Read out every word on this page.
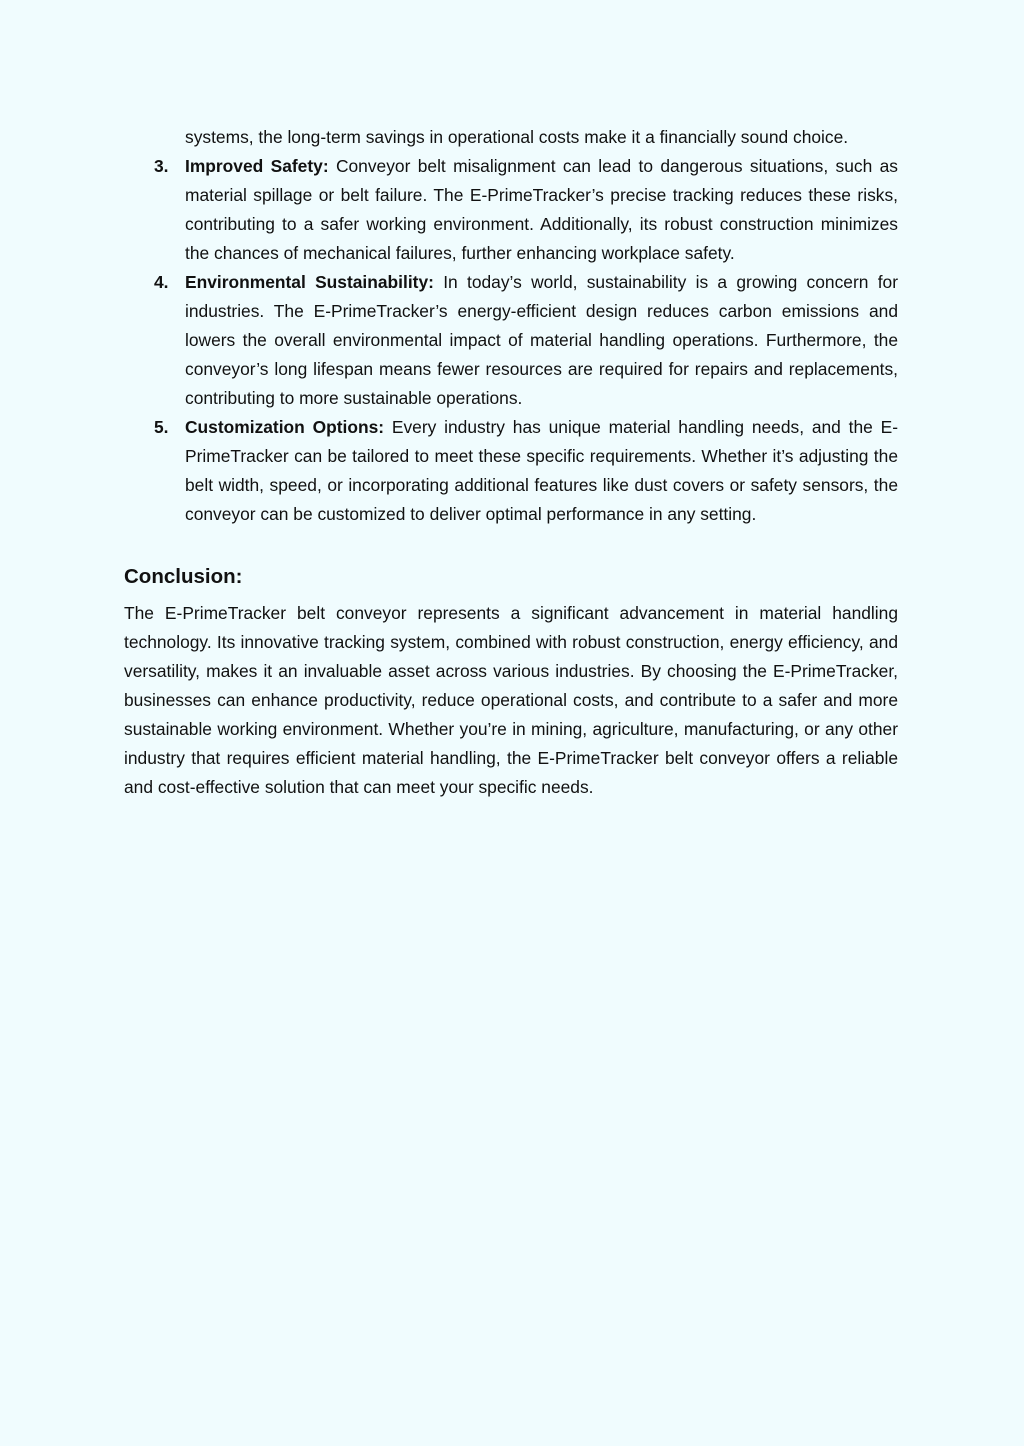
systems, the long-term savings in operational costs make it a financially sound choice.

3. Improved Safety: Conveyor belt misalignment can lead to dangerous situations, such as material spillage or belt failure. The E-PrimeTracker’s precise tracking reduces these risks, contributing to a safer working environment. Additionally, its robust construction minimizes the chances of mechanical failures, further enhancing workplace safety.
4. Environmental Sustainability: In today’s world, sustainability is a growing concern for industries. The E-PrimeTracker’s energy-efficient design reduces carbon emissions and lowers the overall environmental impact of material handling operations. Furthermore, the conveyor’s long lifespan means fewer resources are required for repairs and replacements, contributing to more sustainable operations.
5. Customization Options: Every industry has unique material handling needs, and the E-PrimeTracker can be tailored to meet these specific requirements. Whether it’s adjusting the belt width, speed, or incorporating additional features like dust covers or safety sensors, the conveyor can be customized to deliver optimal performance in any setting.
Conclusion:

The E-PrimeTracker belt conveyor represents a significant advancement in material handling technology. Its innovative tracking system, combined with robust construction, energy efficiency, and versatility, makes it an invaluable asset across various industries. By choosing the E-PrimeTracker, businesses can enhance productivity, reduce operational costs, and contribute to a safer and more sustainable working environment. Whether you’re in mining, agriculture, manufacturing, or any other industry that requires efficient material handling, the E-PrimeTracker belt conveyor offers a reliable and cost-effective solution that can meet your specific needs.
